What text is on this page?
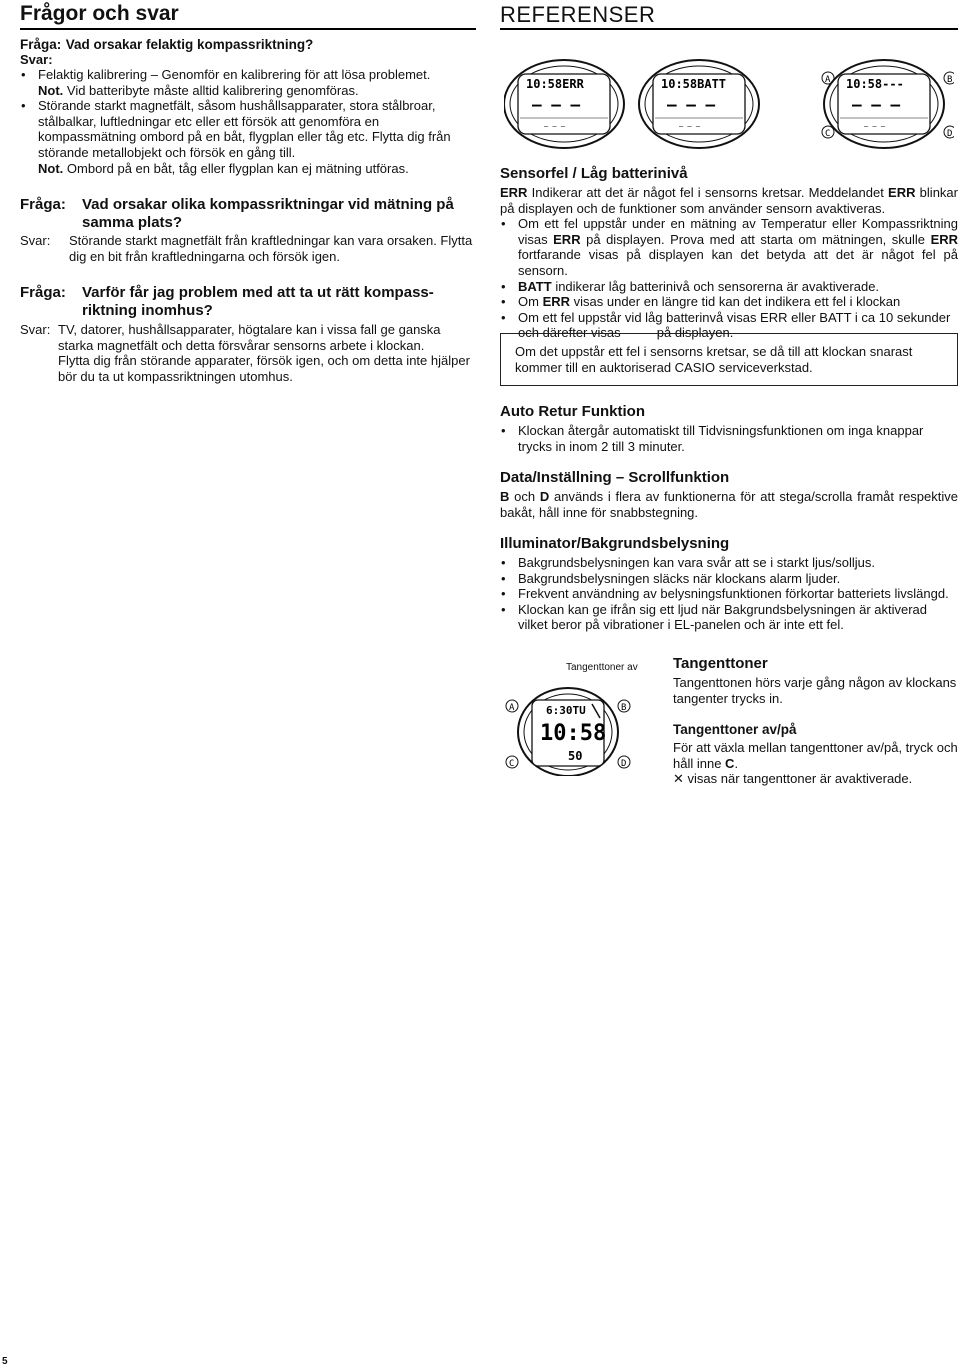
Frågor och svar
Fråga: Vad orsakar felaktig kompassriktning?
Svar:
• Felaktig kalibrering – Genomför en kalibrering för att lösa problemet.
Not. Vid batteribyte måste alltid kalibrering genomföras.
• Störande starkt magnetfält, såsom hushållsapparater, stora stålbroar, stålbalkar, luftledningar etc eller ett försök att genomföra en kompassmätning ombord på en båt, flygplan eller tåg etc. Flytta dig från störande metallobjekt och försök en gång till.
Not. Ombord på en båt, tåg eller flygplan kan ej mätning utföras.
Fråga: Vad orsakar olika kompassriktningar vid mätning på samma plats?

Svar: Störande starkt magnetfält från kraftledningar kan vara orsaken. Flytta dig en bit från kraftledningarna och försök igen.

Fråga: Varför får jag problem med att ta ut rätt kompass-riktning inomhus?

Svar: TV, datorer, hushållsapparater, högtalare kan i vissa fall ge ganska starka magnetfält och detta försvårar sensorns arbete i klockan.

Flytta dig från störande apparater, försök igen, och om detta inte hjälper bör du ta ut kompassriktningen utomhus.

REFERENSER
10:58ERR
– – –
– – –
10:58BATT
– – –
– – –
10:58---
– – –
– – –
A	B
C	D
Sensorfel / Låg batterinivå

ERR Indikerar att det är något fel i sensorns kretsar. Meddelandet ERR blinkar på displayen och de funktioner som använder sensorn avaktiveras.

• Om ett fel uppstår under en mätning av Temperatur eller Kompassriktning visas ERR på displayen. Prova med att starta om mätningen, skulle ERR fortfarande visas på displayen kan det betyda att det är något fel på sensorn.
• BATT indikerar låg batterinivå och sensorerna är avaktiverade.
• Om ERR visas under en längre tid kan det indikera ett fel i klockan
• Om ett fel uppstår vid låg batterinvå visas ERR eller BATT i ca 10 sekunder och därefter visas – – – på displayen.

Om det uppstår ett fel i sensorns kretsar, se då till att klockan snarast kommer till en auktoriserad CASIO serviceverkstad.

Auto Retur Funktion
• Klockan återgår automatiskt till Tidvisningsfunktionen om inga knappar trycks in inom 2 till 3 minuter.
Data/Inställning – Scrollfunktion

B och D används i flera av funktionerna för att stega/scrolla framåt respektive bakåt, håll inne för snabbstegning.

Illuminator/Bakgrundsbelysning
• Bakgrundsbelysningen kan vara svår att se i starkt ljus/solljus.
• Bakgrundsbelysningen släcks när klockans alarm ljuder.
• Frekvent användning av belysningsfunktionen förkortar batteriets livslängd.
• Klockan kan ge ifrån sig ett ljud när Bakgrundsbelysningen är aktiverad vilket beror på vibrationer i EL-panelen och är inte ett fel.
Tangenttoner av
A	B
C	D
6:30TU
10:58
50
Tangenttoner

Tangenttonen hörs varje gång någon av klockans tangenter trycks in.

Tangenttoner av/på

För att växla mellan tangenttoner av/på, tryck och håll inne C.

✕ visas när tangenttoner är avaktiverade.

5
